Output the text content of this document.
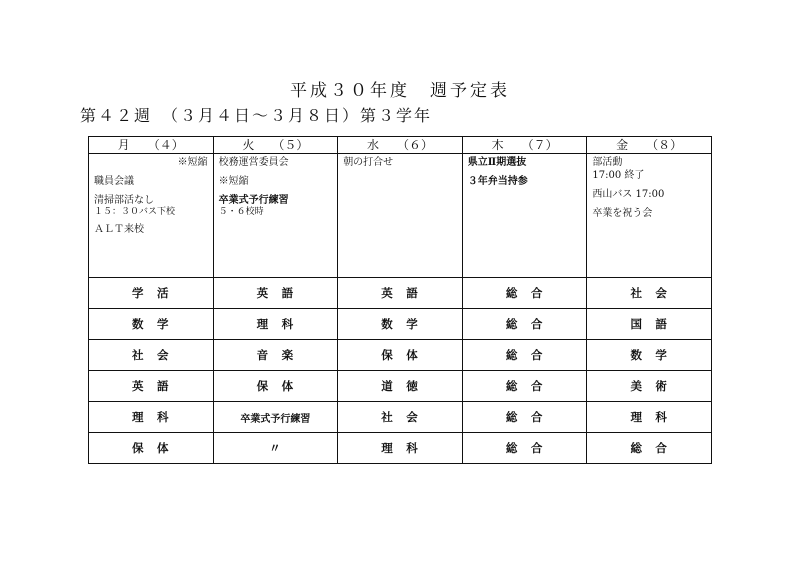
平成３０年度　週予定表
第４２週　（３月４日～３月８日）第３学年
月　　（４）	火　　（５）	水　　（６）	木　　（７）	金　　（８）

※短縮
職員会議
清掃部活なし
１５：３０バス下校
ＡＬＴ来校	校務運営委員会
※短縮
卒業式予行練習
５・６校時	朝の打合せ	県立Ⅱ期選抜
３年弁当持参	部活動
17:00 終了
西山バス 17:00
卒業を祝う会

学　活	英　語	英　語	総　合	社　会
数　学	理　科	数　学	総　合	国　語
社　会	音　楽	保　体	総　合	数　学
英　語	保　体	道　徳	総　合	美　術
理　科	卒業式予行練習	社　会	総　合	理　科
保　体	〃	理　科	総　合	総　合
